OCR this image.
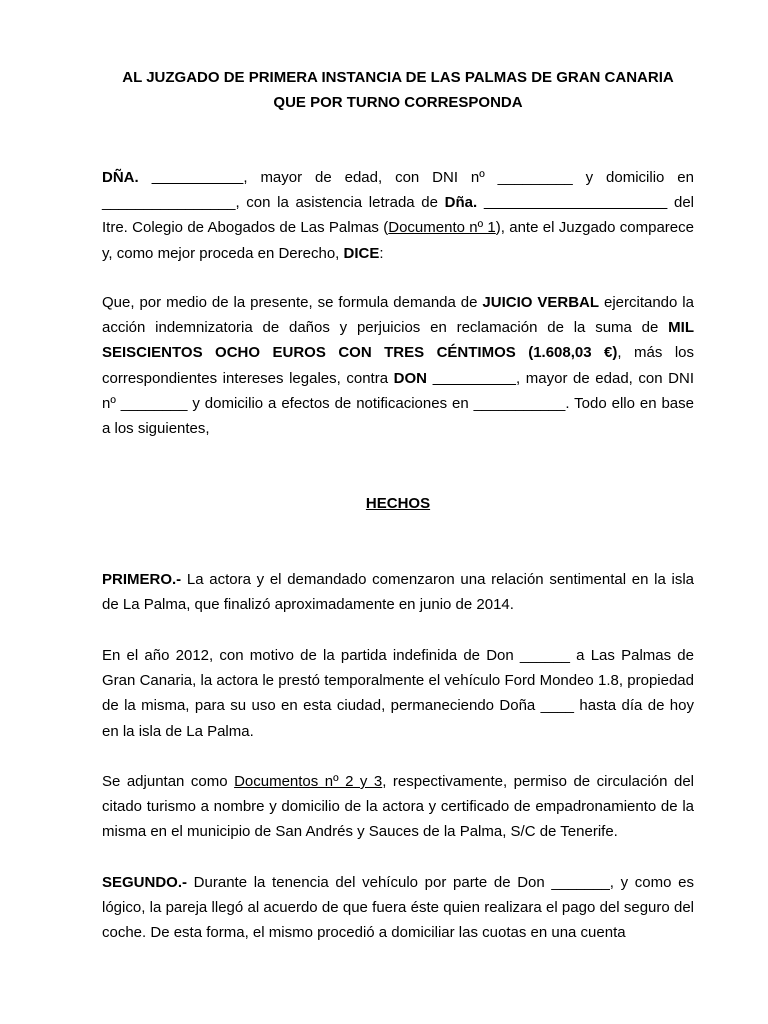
AL JUZGADO DE PRIMERA INSTANCIA DE LAS PALMAS DE GRAN CANARIA
QUE POR TURNO CORRESPONDA

DÑA. ___________, mayor de edad, con DNI nº _________ y domicilio en ________________, con la asistencia letrada de Dña. ______________________ del Itre. Colegio de Abogados de Las Palmas (Documento nº 1), ante el Juzgado comparece y, como mejor proceda en Derecho, DICE:

Que, por medio de la presente, se formula demanda de JUICIO VERBAL ejercitando la acción indemnizatoria de daños y perjuicios en reclamación de la suma de MIL SEISCIENTOS OCHO EUROS CON TRES CÉNTIMOS (1.608,03 €), más los correspondientes intereses legales, contra DON __________, mayor de edad, con DNI nº ________ y domicilio a efectos de notificaciones en ___________. Todo ello en base a los siguientes,

HECHOS

PRIMERO.- La actora y el demandado comenzaron una relación sentimental en la isla de La Palma, que finalizó aproximadamente en junio de 2014.

En el año 2012, con motivo de la partida indefinida de Don ______ a Las Palmas de Gran Canaria, la actora le prestó temporalmente el vehículo Ford Mondeo 1.8, propiedad de la misma, para su uso en esta ciudad, permaneciendo Doña ____ hasta día de hoy en la isla de La Palma.

Se adjuntan como Documentos nº 2 y 3, respectivamente, permiso de circulación del citado turismo a nombre y domicilio de la actora y certificado de empadronamiento de la misma en el municipio de San Andrés y Sauces de la Palma, S/C de Tenerife.

SEGUNDO.- Durante la tenencia del vehículo por parte de Don _______, y como es lógico, la pareja llegó al acuerdo de que fuera éste quien realizara el pago del seguro del coche. De esta forma, el mismo procedió a domiciliar las cuotas en una cuenta
